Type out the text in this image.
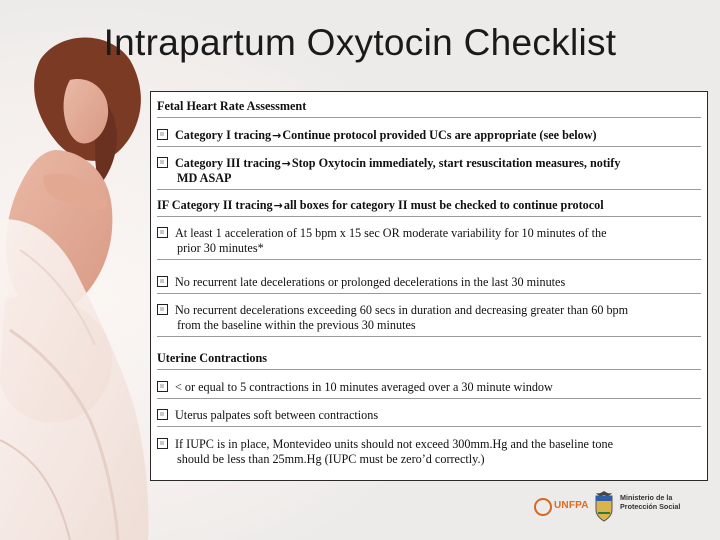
Intrapartum Oxytocin Checklist
Fetal Heart Rate Assessment
Category I tracing→Continue protocol provided UCs are appropriate (see below)
Category III tracing→Stop Oxytocin immediately, start resuscitation measures, notify
MD ASAP
IF Category II tracing→all boxes for category II must be checked to continue protocol
At least 1 acceleration of 15 bpm x 15 sec OR moderate variability for 10 minutes of the
prior 30 minutes*
No recurrent late decelerations or prolonged decelerations in the last 30 minutes
No recurrent decelerations exceeding 60 secs in duration and decreasing greater than 60 bpm
from the baseline within the previous 30 minutes
Uterine Contractions
< or equal to 5 contractions in 10 minutes averaged over a 30 minute window
Uterus palpates soft between contractions
If IUPC is in place, Montevideo units should not exceed 300mm.Hg and the baseline tone
should be less than 25mm.Hg (IUPC must be zero’d correctly.)
UNFPA
Ministerio de la
Protección Social
